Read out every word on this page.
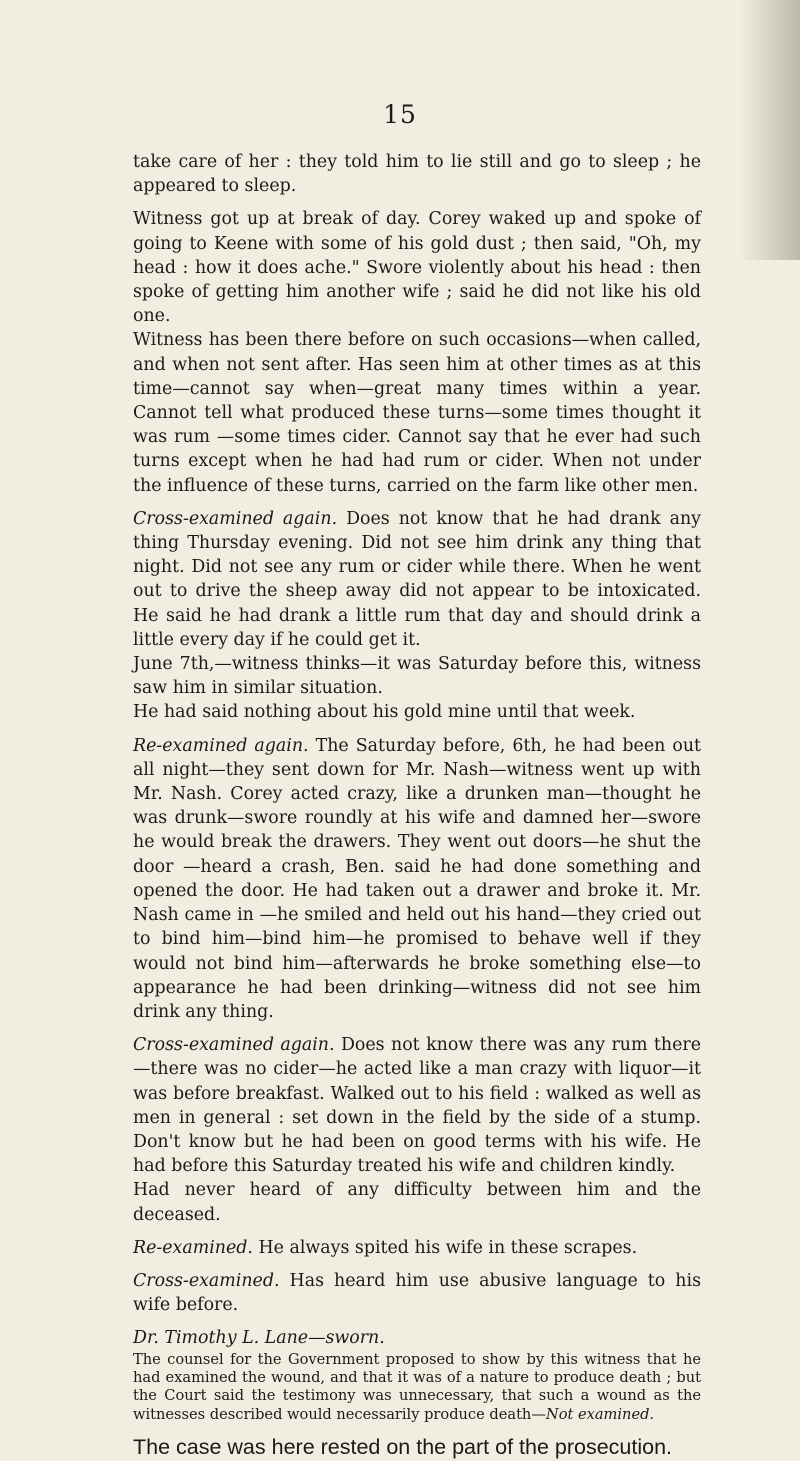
15

take care of her : they told him to lie still and go to sleep ; he appeared to sleep.

Witness got up at break of day. Corey waked up and spoke of going to Keene with some of his gold dust ; then said, "Oh, my head : how it does ache." Swore violently about his head : then spoke of getting him another wife ; said he did not like his old one.

Witness has been there before on such occasions—when called, and when not sent after. Has seen him at other times as at this time—cannot say when—great many times within a year. Cannot tell what produced these turns—some times thought it was rum —some times cider. Cannot say that he ever had such turns except when he had had rum or cider. When not under the influence of these turns, carried on the farm like other men.

Cross-examined again. Does not know that he had drank any thing Thursday evening. Did not see him drink any thing that night. Did not see any rum or cider while there. When he went out to drive the sheep away did not appear to be intoxicated. He said he had drank a little rum that day and should drink a little every day if he could get it.

June 7th,—witness thinks—it was Saturday before this, witness saw him in similar situation.

He had said nothing about his gold mine until that week.

Re-examined again. The Saturday before, 6th, he had been out all night—they sent down for Mr. Nash—witness went up with Mr. Nash. Corey acted crazy, like a drunken man—thought he was drunk—swore roundly at his wife and damned her—swore he would break the drawers. They went out doors—he shut the door —heard a crash, Ben. said he had done something and opened the door. He had taken out a drawer and broke it. Mr. Nash came in —he smiled and held out his hand—they cried out to bind him—bind him—he promised to behave well if they would not bind him—afterwards he broke something else—to appearance he had been drinking—witness did not see him drink any thing.

Cross-examined again. Does not know there was any rum there —there was no cider—he acted like a man crazy with liquor—it was before breakfast. Walked out to his field : walked as well as men in general : set down in the field by the side of a stump. Don't know but he had been on good terms with his wife. He had before this Saturday treated his wife and children kindly.

Had never heard of any difficulty between him and the deceased.

Re-examined. He always spited his wife in these scrapes.

Cross-examined. Has heard him use abusive language to his wife before.

Dr. Timothy L. Lane—sworn.

The counsel for the Government proposed to show by this witness that he had examined the wound, and that it was of a nature to produce death ; but the Court said the testimony was unnecessary, that such a wound as the witnesses described would necessarily produce death—Not examined.

The case was here rested on the part of the prosecution.
